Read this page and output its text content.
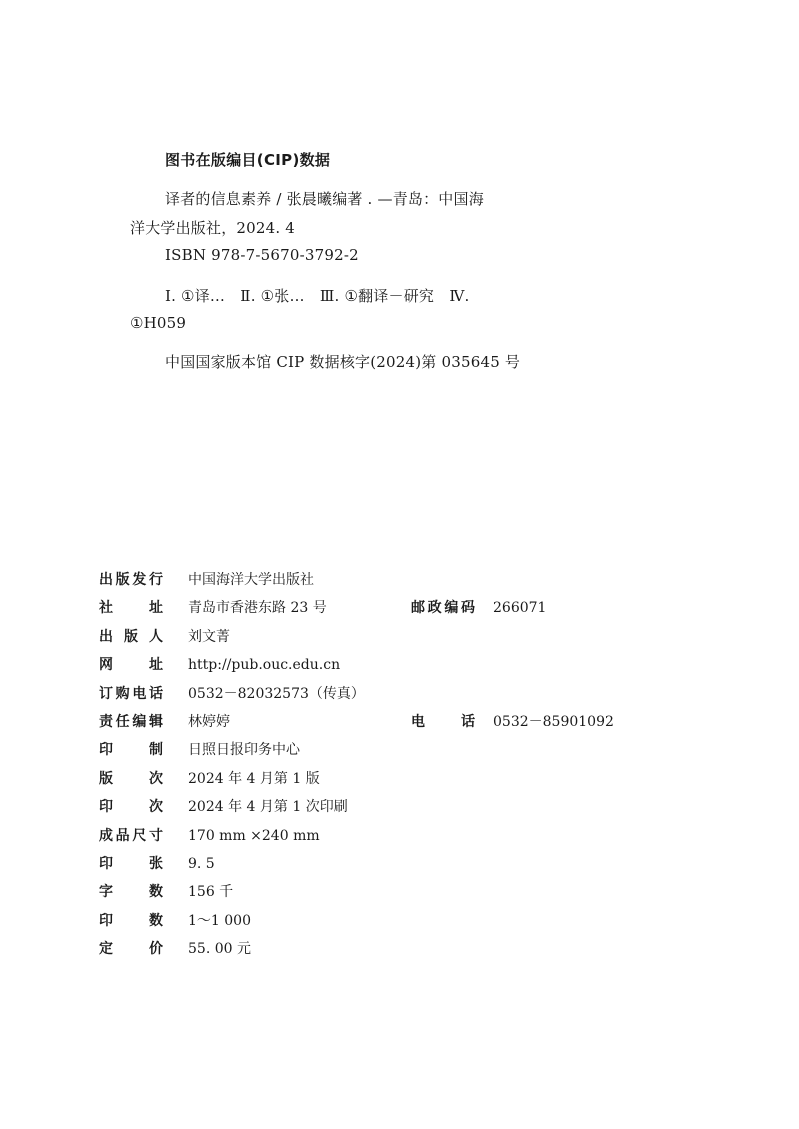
图书在版编目(CIP)数据
译者的信息素养 / 张晨曦编著 . —青岛：中国海
洋大学出版社，2024. 4
ISBN 978-7-5670-3792-2
Ⅰ. ①译…　Ⅱ. ①张…　Ⅲ. ①翻译－研究　Ⅳ.
①H059
中国国家版本馆 CIP 数据核字(2024)第 035645 号
出 版 发 行 中国海洋大学出版社
社	址 青岛市香港东路 23 号	邮 政 编 码 266071
出 版 人 刘文菁
网	址 http://pub.ouc.edu.cn
订 购 电 话 0532－82032573（传真）
责 任 编 辑 林婷婷	电	话 0532－85901092
印	制 日照日报印务中心
版	次 2024 年 4 月第 1 版
印	次 2024 年 4 月第 1 次印刷
成 品 尺 寸 170 mm ×240 mm
印	张 9. 5
字	数 156 千
印	数 1～1 000
定	价 55. 00 元
